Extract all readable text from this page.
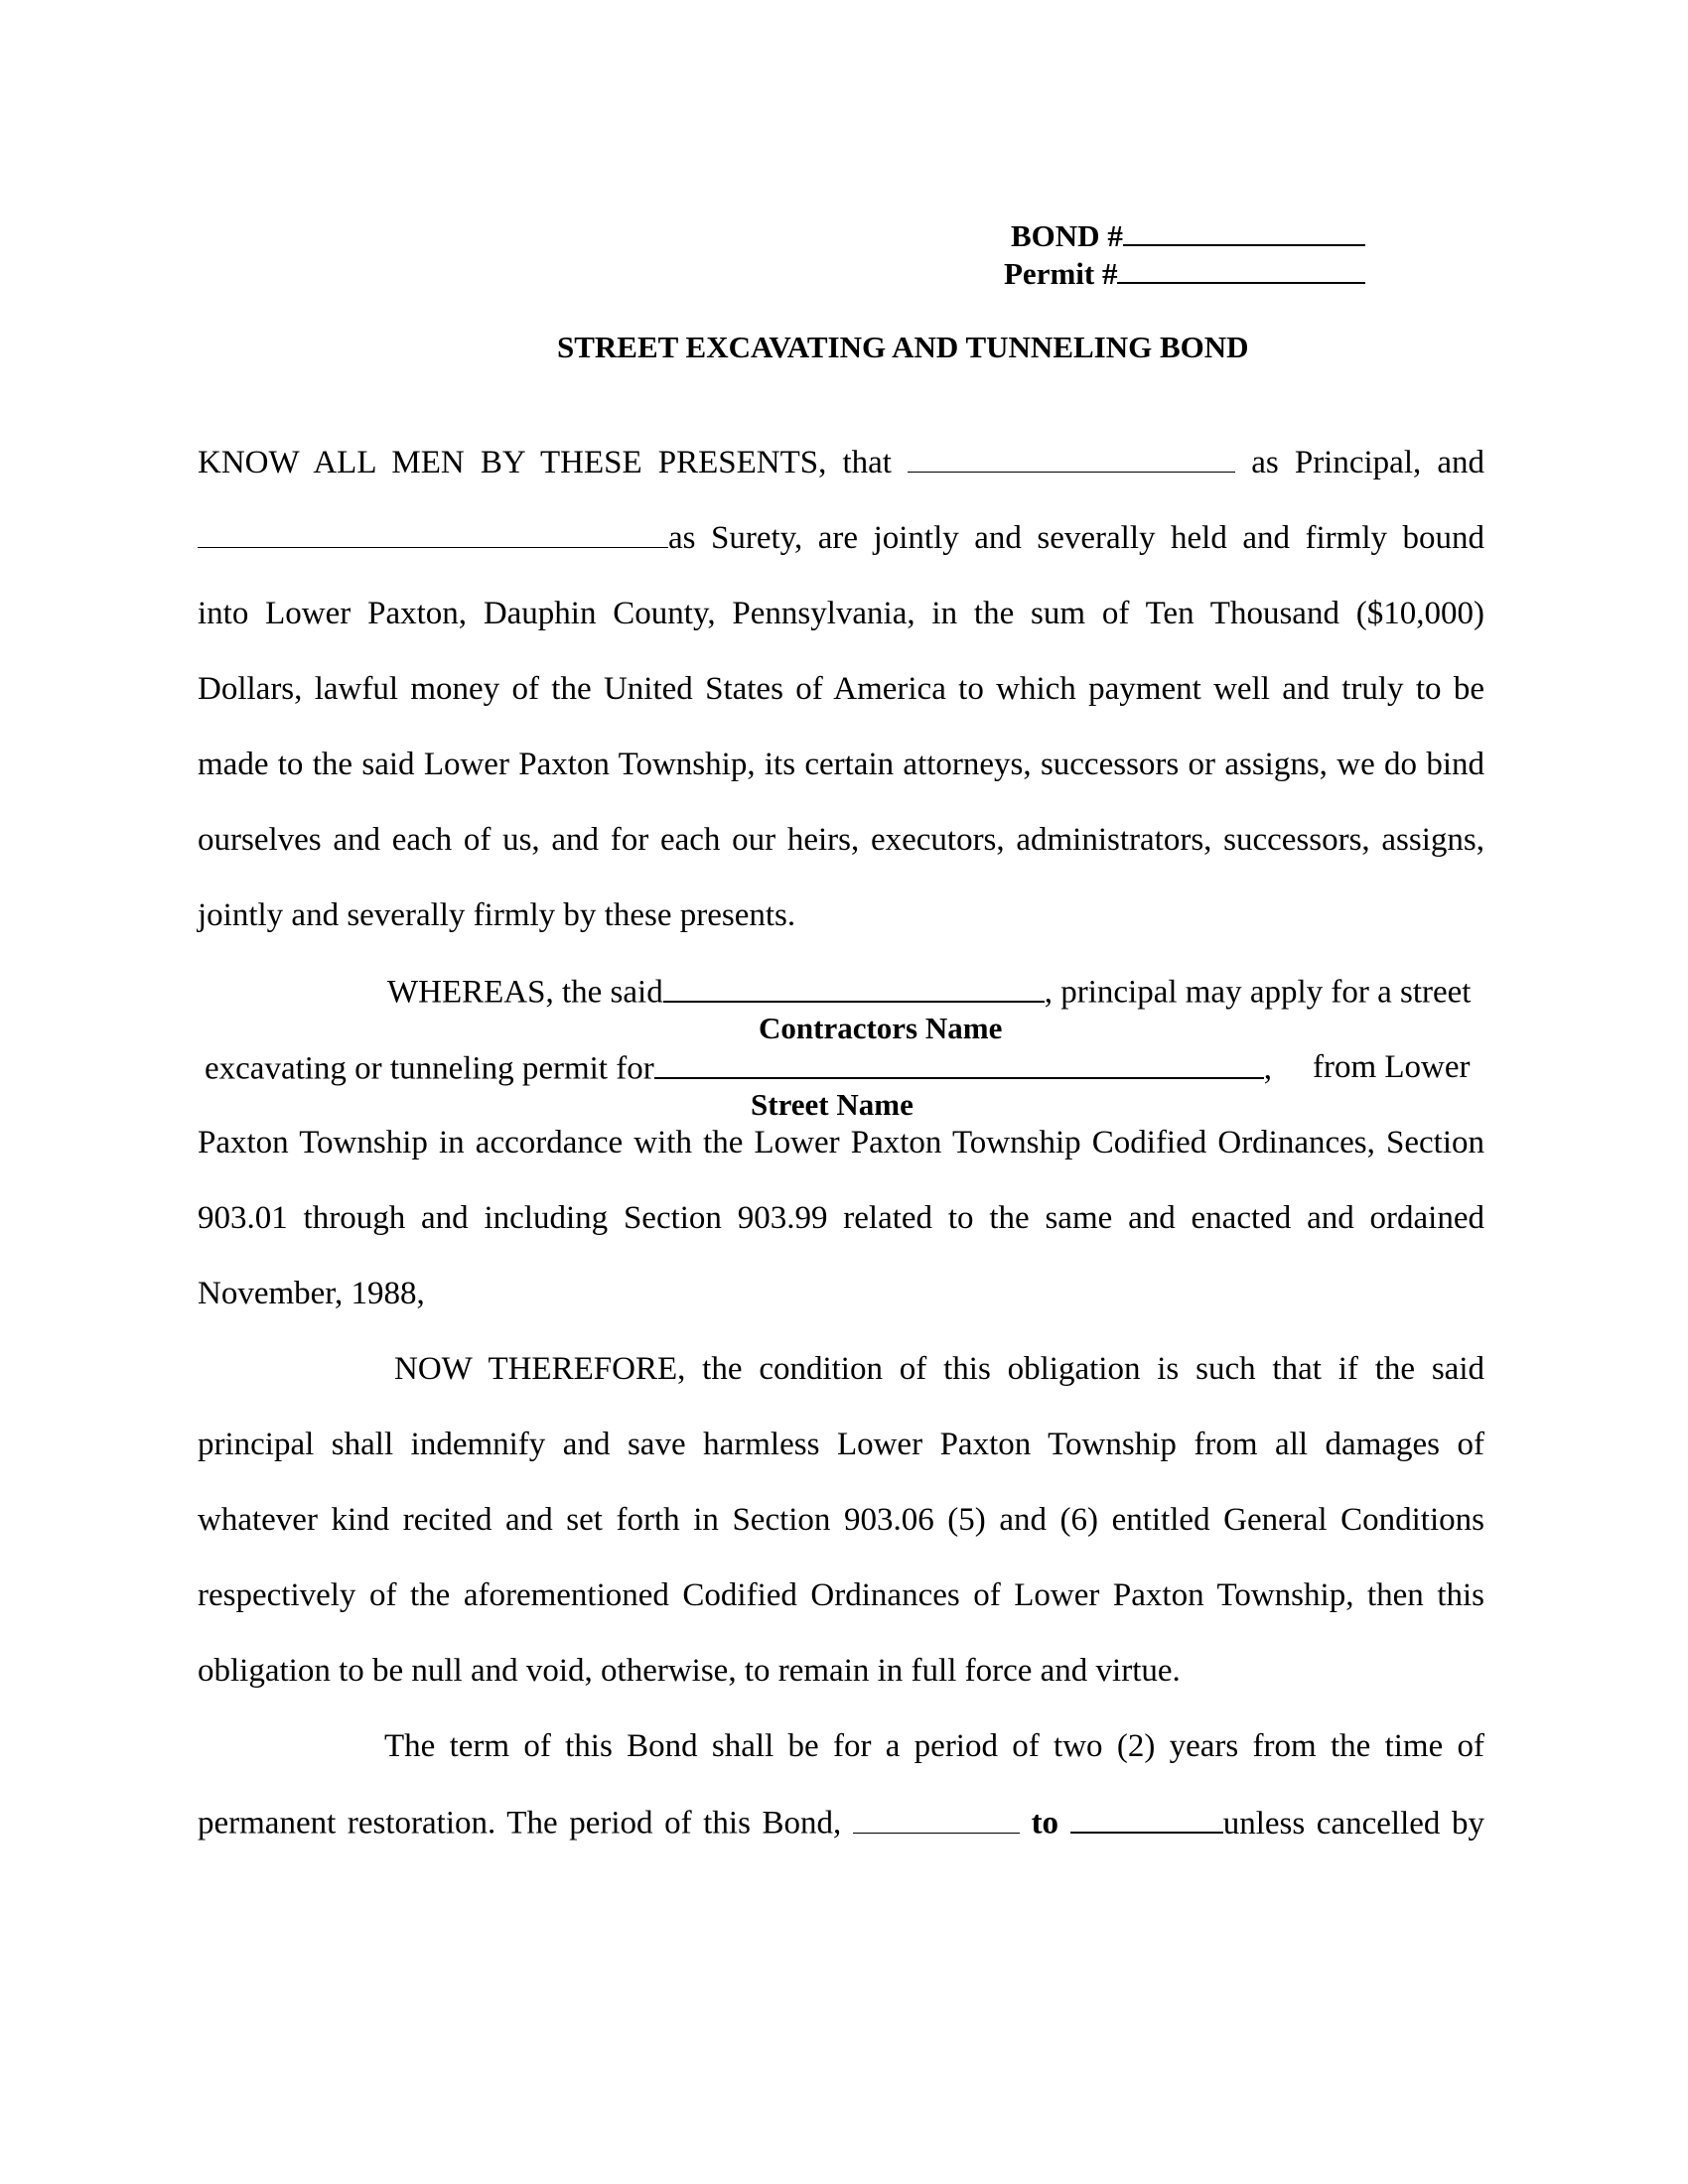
BOND #
Permit #
STREET EXCAVATING AND TUNNELING BOND
KNOW ALL MEN BY THESE PRESENTS, that	as Principal, and
as Surety, are jointly and severally held and firmly bound
into Lower Paxton, Dauphin County, Pennsylvania, in the sum of Ten Thousand ($10,000)
Dollars, lawful money of the United States of America to which payment well and truly to be
made to the said Lower Paxton Township, its certain attorneys, successors or assigns, we do bind
ourselves and each of us, and for each our heirs, executors, administrators, successors, assigns,
jointly and severally firmly by these presents.
WHEREAS, the said	, principal may apply for a street
Contractors Name
excavating or tunneling permit for	, from Lower
Street Name
Paxton Township in accordance with the Lower Paxton Township Codified Ordinances, Section
903.01 through and including Section 903.99 related to the same and enacted and ordained
November, 1988,
NOW THEREFORE, the condition of this obligation is such that if the said
principal shall indemnify and save harmless Lower Paxton Township from all damages of
whatever kind recited and set forth in Section 903.06 (5) and (6) entitled General Conditions
respectively of the aforementioned Codified Ordinances of Lower Paxton Township, then this
obligation to be null and void, otherwise, to remain in full force and virtue.
The term of this Bond shall be for a period of two (2) years from the time of
permanent restoration. The period of this Bond,	to	unless cancelled by
